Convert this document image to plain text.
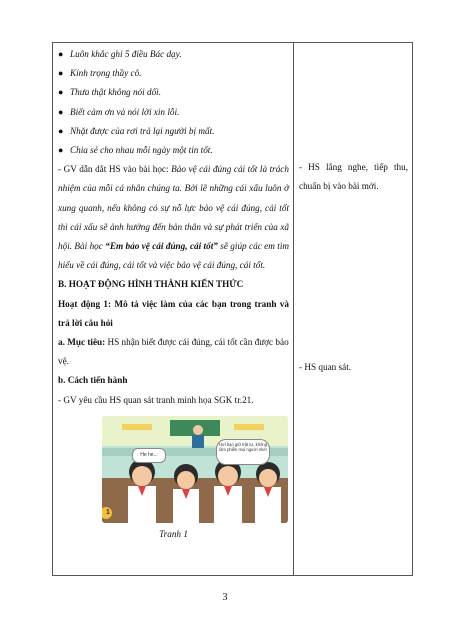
● Luôn khắc ghi 5 điều Bác dạy.
● Kính trọng thầy cô.
● Thưa thật không nói dối.
● Biết cảm ơn và nói lời xin lỗi.
● Nhặt được của rơi trả lại người bị mất.
● Chia sẻ cho nhau mỗi ngày một tin tốt.
- GV dẫn dắt HS vào bài học: Bảo vệ cái đúng cái tốt là trách nhiệm của mỗi cá nhân chúng ta. Bởi lẽ những cái xấu luôn ở xung quanh, nếu không có sự nỗ lực bảo vệ cái đúng, cái tốt thì cái xấu sẽ ảnh hưởng đến bản thân và sự phát triển của xã hội. Bài học “Em bảo vệ cái đúng, cái tốt” sẽ giúp các em tìm hiểu về cái đúng, cái tốt và việc bảo vệ cái đúng, cái tốt.
B. HOẠT ĐỘNG HÌNH THÀNH KIẾN THỨC
Hoạt động 1: Mô tả việc làm của các bạn trong tranh và trả lời câu hỏi
a. Mục tiêu: HS nhận biết được cái đúng, cái tốt cần được bảo vệ.
b. Cách tiến hành
- GV yêu cầu HS quan sát tranh minh họa SGK tr.21.
He he...
Hơi bạn giữ trật tự, không làm phiền mọi người nhé!
1
Tranh 1

- HS lắng nghe, tiếp thu, chuẩn bị vào bài mới.
- HS quan sát.
3
